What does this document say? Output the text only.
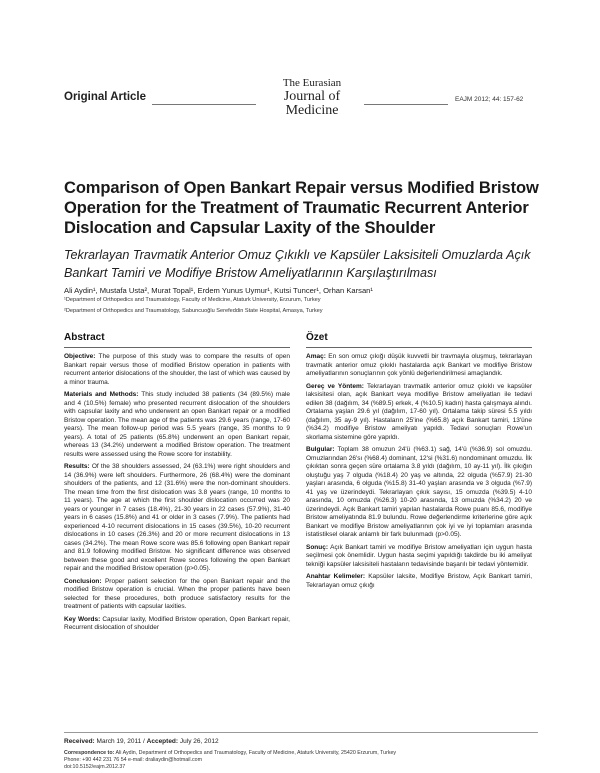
Original Article
The Eurasian
Journal of Medicine
EAJM 2012; 44: 157-62
Comparison of Open Bankart Repair versus Modified Bristow Operation for the Treatment of Traumatic Recurrent Anterior Dislocation and Capsular Laxity of the Shoulder
Tekrarlayan Travmatik Anterior Omuz Çıkıklı ve Kapsüler Laksisiteli Omuzlarda Açık Bankart Tamiri ve Modifiye Bristow Ameliyatlarının Karşılaştırılması
Ali Aydin¹, Mustafa Usta², Murat Topal¹, Erdem Yunus Uymur¹, Kutsi Tuncer¹, Orhan Karsan¹
¹Department of Orthopedics and Traumatology, Faculty of Medicine, Ataturk University, Erzurum, Turkey
²Department of Orthopedics and Traumatology, Sabuncuoğlu Serefeddin State Hospital, Amasya, Turkey
Abstract

Objective: The purpose of this study was to compare the results of open Bankart repair versus those of modified Bristow operation in patients with recurrent anterior dislocations of the shoulder, the last of which was caused by a minor trauma.

Materials and Methods: This study included 38 patients (34 (89.5%) male and 4 (10.5%) female) who presented recurrent dislocation of the shoulders with capsular laxity and who underwent an open Bankart repair or a modified Bristow operation. The mean age of the patients was 29.6 years (range, 17-60 years). The mean follow-up period was 5.5 years (range, 35 months to 9 years). A total of 25 patients (65.8%) underwent an open Bankart repair, whereas 13 (34.2%) underwent a modified Bristow operation. The treatment results were assessed using the Rowe score for instability.

Results: Of the 38 shoulders assessed, 24 (63.1%) were right shoulders and 14 (36.9%) were left shoulders. Furthermore, 26 (68.4%) were the dominant shoulders of the patients, and 12 (31.6%) were the non-dominant shoulders. The mean time from the first dislocation was 3.8 years (range, 10 months to 11 years). The age at which the first shoulder dislocation occurred was 20 years or younger in 7 cases (18.4%), 21-30 years in 22 cases (57.9%), 31-40 years in 6 cases (15.8%) and 41 or older in 3 cases (7.9%). The patients had experienced 4-10 recurrent dislocations in 15 cases (39.5%), 10-20 recurrent dislocations in 10 cases (26.3%) and 20 or more recurrent dislocations in 13 cases (34.2%). The mean Rowe score was 85.6 following open Bankart repair and 81.9 following modified Bristow. No significant difference was observed between these good and excellent Rowe scores following the open Bankart repair and the modified Bristow operation (p>0.05).

Conclusion: Proper patient selection for the open Bankart repair and the modified Bristow operation is crucial. When the proper patients have been selected for these procedures, both produce satisfactory results for the treatment of patients with capsular laxities.

Key Words: Capsular laxity, Modified Bristow operation, Open Bankart repair, Recurrent dislocation of shoulder

Özet

Amaç: En son omuz çıkığı düşük kuvvetli bir travmayla oluşmuş, tekrarlayan travmatik anterior omuz çıkıklı hastalarda açık Bankart ve modifiye Bristow ameliyatlarının sonuçlarının çok yönlü değerlendirilmesi amaçlandık.

Gereç ve Yöntem: Tekrarlayan travmatik anterior omuz çıkıklı ve kapsüler laksisitesi olan, açık Bankart veya modifiye Bristow ameliyatları ile tedavi edilen 38 (dağılım, 34 (%89.5) erkek, 4 (%10.5) kadın) hasta çalışmaya alındı. Ortalama yaşları 29.6 yıl (dağılım, 17-60 yıl). Ortalama takip süresi 5.5 yıldı (dağılım, 35 ay-9 yıl). Hastaların 25'ine (%65.8) açık Bankart tamiri, 13'üne (%34.2) modifiye Bristow ameliyatı yapıldı. Tedavi sonuçları Rowe'un skorlama sistemine göre yapıldı.

Bulgular: Toplam 38 omuzun 24'ü (%63.1) sağ, 14'ü (%36.9) sol omuzdu. Omuzlarından 26'sı (%68.4) dominant, 12'si (%31.6) nondominant omuzdu. İlk çıkıktan sonra geçen süre ortalama 3.8 yıldı (dağılım, 10 ay-11 yıl). İlk çıkığın oluştuğu yaş 7 olguda (%18.4) 20 yaş ve altında, 22 olguda (%57.9) 21-30 yaşları arasında, 6 olguda (%15.8) 31-40 yaşları arasında ve 3 olguda (%7.9) 41 yaş ve üzerindeydi. Tekrarlayan çıkık sayısı, 15 omuzda (%39.5) 4-10 arasında, 10 omuzda (%26.3) 10-20 arasında, 13 omuzda (%34.2) 20 ve üzerindeydi. Açık Bankart tamiri yapılan hastalarda Rowe puanı 85.6, modifiye Bristow ameliyatında 81.9 bulundu. Rowe değerlendirme kriterlerine göre açık Bankart ve modifiye Bristow ameliyatlarının çok iyi ve iyi toplamları arasında istatistiksel olarak anlamlı bir fark bulunmadı (p>0.05).

Sonuç: Açık Bankart tamiri ve modifiye Bristow ameliyatları için uygun hasta seçilmesi çok önemlidir. Uygun hasta seçimi yapıldığı takdirde bu iki ameliyat tekniği kapsüler laksisiteli hastaların tedavisinde başarılı bir tedavi yöntemidir.

Anahtar Kelimeler: Kapsüler laksite, Modifiye Bristow, Açık Bankart tamiri, Tekrarlayan omuz çıkığı

Received: March 19, 2011 / Accepted: July 26, 2012
Correspondence to: Ali Aydin, Department of Orthopedics and Traumatology, Faculty of Medicine, Ataturk University, 25420 Erzurum, Turkey
Phone: +90 442 231 76 54 e-mail: draliaydin@hotmail.com
doi:10.5152/eajm.2012.37
